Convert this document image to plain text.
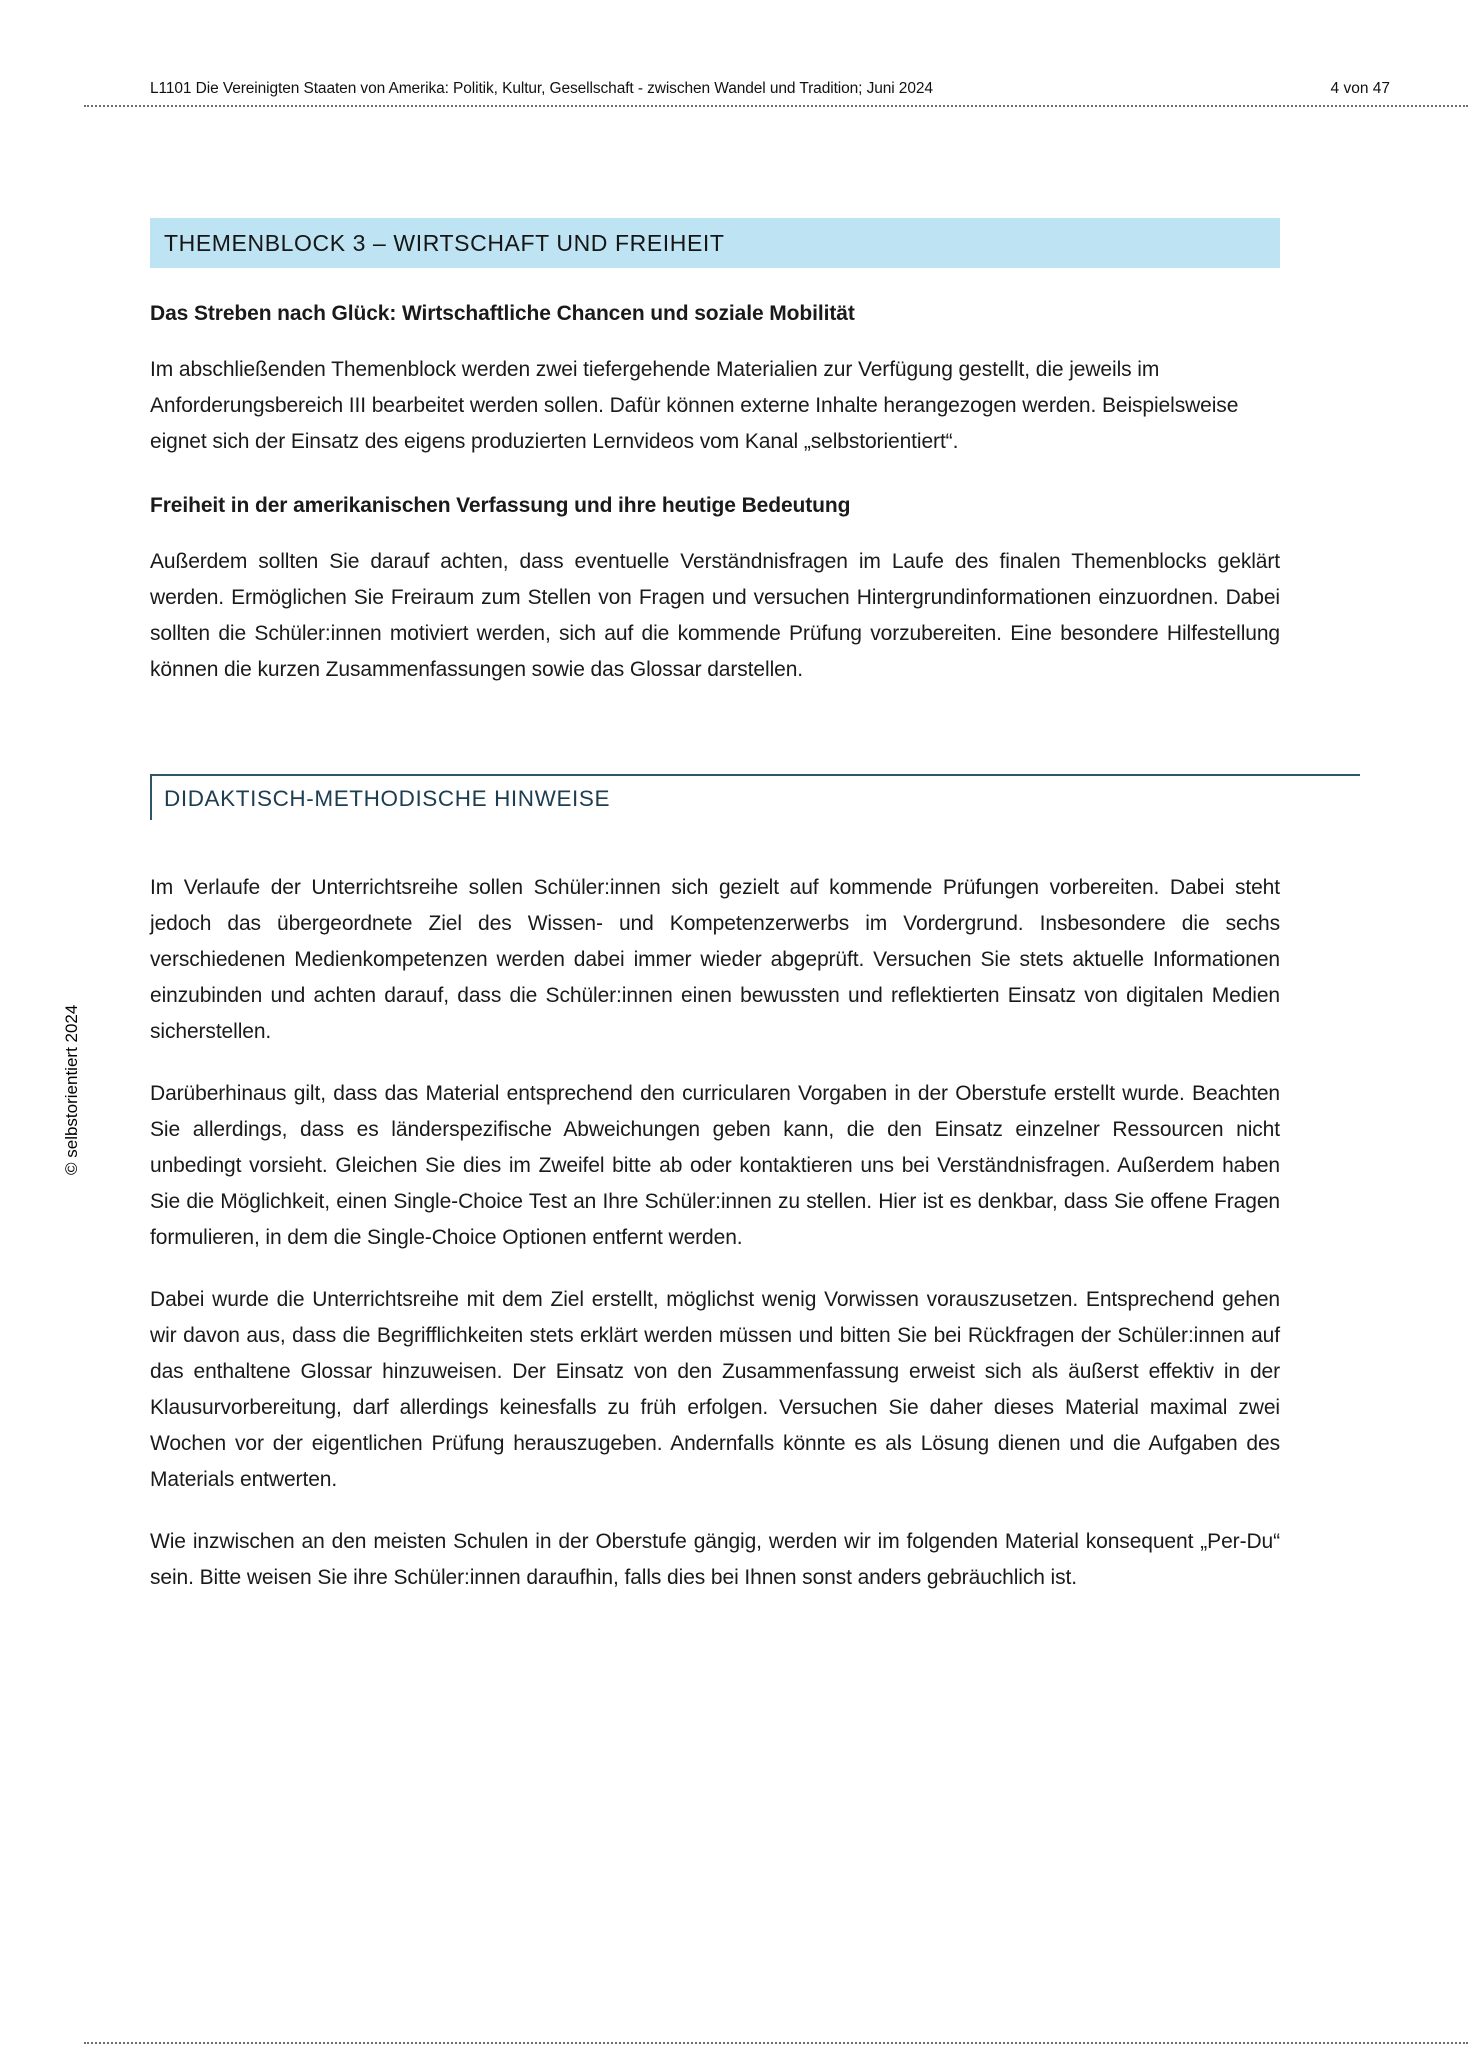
L1101 Die Vereinigten Staaten von Amerika: Politik, Kultur, Gesellschaft - zwischen Wandel und Tradition; Juni 2024	4 von 47
© selbstorientiert 2024
THEMENBLOCK 3 – WIRTSCHAFT UND FREIHEIT
Das Streben nach Glück: Wirtschaftliche Chancen und soziale Mobilität

Im abschließenden Themenblock werden zwei tiefergehende Materialien zur Verfügung gestellt, die jeweils im Anforderungsbereich III bearbeitet werden sollen. Dafür können externe Inhalte herangezogen werden. Beispielsweise eignet sich der Einsatz des eigens produzierten Lernvideos vom Kanal „selbstorientiert“.

Freiheit in der amerikanischen Verfassung und ihre heutige Bedeutung

Außerdem sollten Sie darauf achten, dass eventuelle Verständnisfragen im Laufe des finalen Themenblocks geklärt werden. Ermöglichen Sie Freiraum zum Stellen von Fragen und versuchen Hintergrundinformationen einzuordnen. Dabei sollten die Schüler:innen motiviert werden, sich auf die kommende Prüfung vorzubereiten. Eine besondere Hilfestellung können die kurzen Zusammenfassungen sowie das Glossar darstellen.

DIDAKTISCH-METHODISCHE HINWEISE

Im Verlaufe der Unterrichtsreihe sollen Schüler:innen sich gezielt auf kommende Prüfungen vorbereiten. Dabei steht jedoch das übergeordnete Ziel des Wissen- und Kompetenzerwerbs im Vordergrund. Insbesondere die sechs verschiedenen Medienkompetenzen werden dabei immer wieder abgeprüft. Versuchen Sie stets aktuelle Informationen einzubinden und achten darauf, dass die Schüler:innen einen bewussten und reflektierten Einsatz von digitalen Medien sicherstellen.

Darüberhinaus gilt, dass das Material entsprechend den curricularen Vorgaben in der Oberstufe erstellt wurde. Beachten Sie allerdings, dass es länderspezifische Abweichungen geben kann, die den Einsatz einzelner Ressourcen nicht unbedingt vorsieht. Gleichen Sie dies im Zweifel bitte ab oder kontaktieren uns bei Verständnisfragen. Außerdem haben Sie die Möglichkeit, einen Single-Choice Test an Ihre Schüler:innen zu stellen. Hier ist es denkbar, dass Sie offene Fragen formulieren, in dem die Single-Choice Optionen entfernt werden.

Dabei wurde die Unterrichtsreihe mit dem Ziel erstellt, möglichst wenig Vorwissen vorauszusetzen. Entsprechend gehen wir davon aus, dass die Begrifflichkeiten stets erklärt werden müssen und bitten Sie bei Rückfragen der Schüler:innen auf das enthaltene Glossar hinzuweisen. Der Einsatz von den Zusammenfassung erweist sich als äußerst effektiv in der Klausurvorbereitung, darf allerdings keinesfalls zu früh erfolgen. Versuchen Sie daher dieses Material maximal zwei Wochen vor der eigentlichen Prüfung herauszugeben. Andernfalls könnte es als Lösung dienen und die Aufgaben des Materials entwerten.

Wie inzwischen an den meisten Schulen in der Oberstufe gängig, werden wir im folgenden Material konsequent „Per-Du“ sein. Bitte weisen Sie ihre Schüler:innen daraufhin, falls dies bei Ihnen sonst anders gebräuchlich ist.
